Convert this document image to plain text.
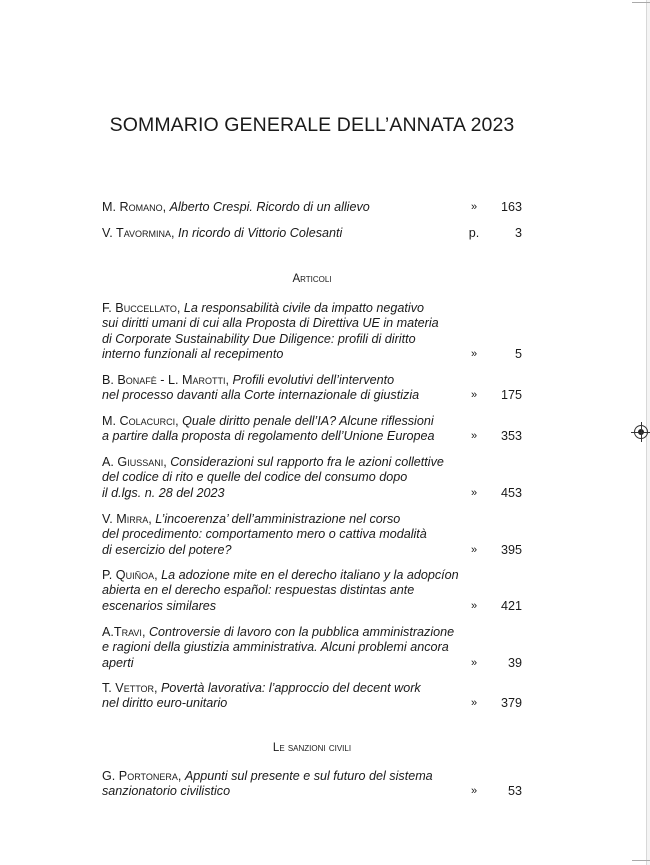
SOMMARIO GENERALE DELL’ANNATA 2023
M. Romano, Alberto Crespi. Ricordo di un allievo	»	163
V. Tavormina, In ricordo di Vittorio Colesanti	p.	3
Articoli
F. Buccellato, La responsabilità civile da impatto negativo
sui diritti umani di cui alla Proposta di Direttiva UE in materia
di Corporate Sustainability Due Diligence: profili di diritto
interno funzionali al recepimento	»	5
B. Bonafè - L. Marotti, Profili evolutivi dell’intervento
nel processo davanti alla Corte internazionale di giustizia	»	175
M. Colacurci, Quale diritto penale dell’IA? Alcune riflessioni
a partire dalla proposta di regolamento dell’Unione Europea	»	353
A. Giussani, Considerazioni sul rapporto fra le azioni collettive
del codice di rito e quelle del codice del consumo dopo
il d.lgs. n. 28 del 2023	»	453
V. Mirra, L’incoerenza’ dell’amministrazione nel corso
del procedimento: comportamento mero o cattiva modalità
di esercizio del potere?	»	395
P. Quiñoa, La adozione mite en el derecho italiano y la adopcíon
abierta en el derecho español: respuestas distintas ante
escenarios similares	»	421
A.Travi, Controversie di lavoro con la pubblica amministrazione
e ragioni della giustizia amministrativa. Alcuni problemi ancora
aperti	»	39
T. Vettor, Povertà lavorativa: l’approccio del decent work
nel diritto euro-unitario	»	379
Le sanzioni civili
G. Portonera, Appunti sul presente e sul futuro del sistema
sanzionatorio civilistico	»	53
